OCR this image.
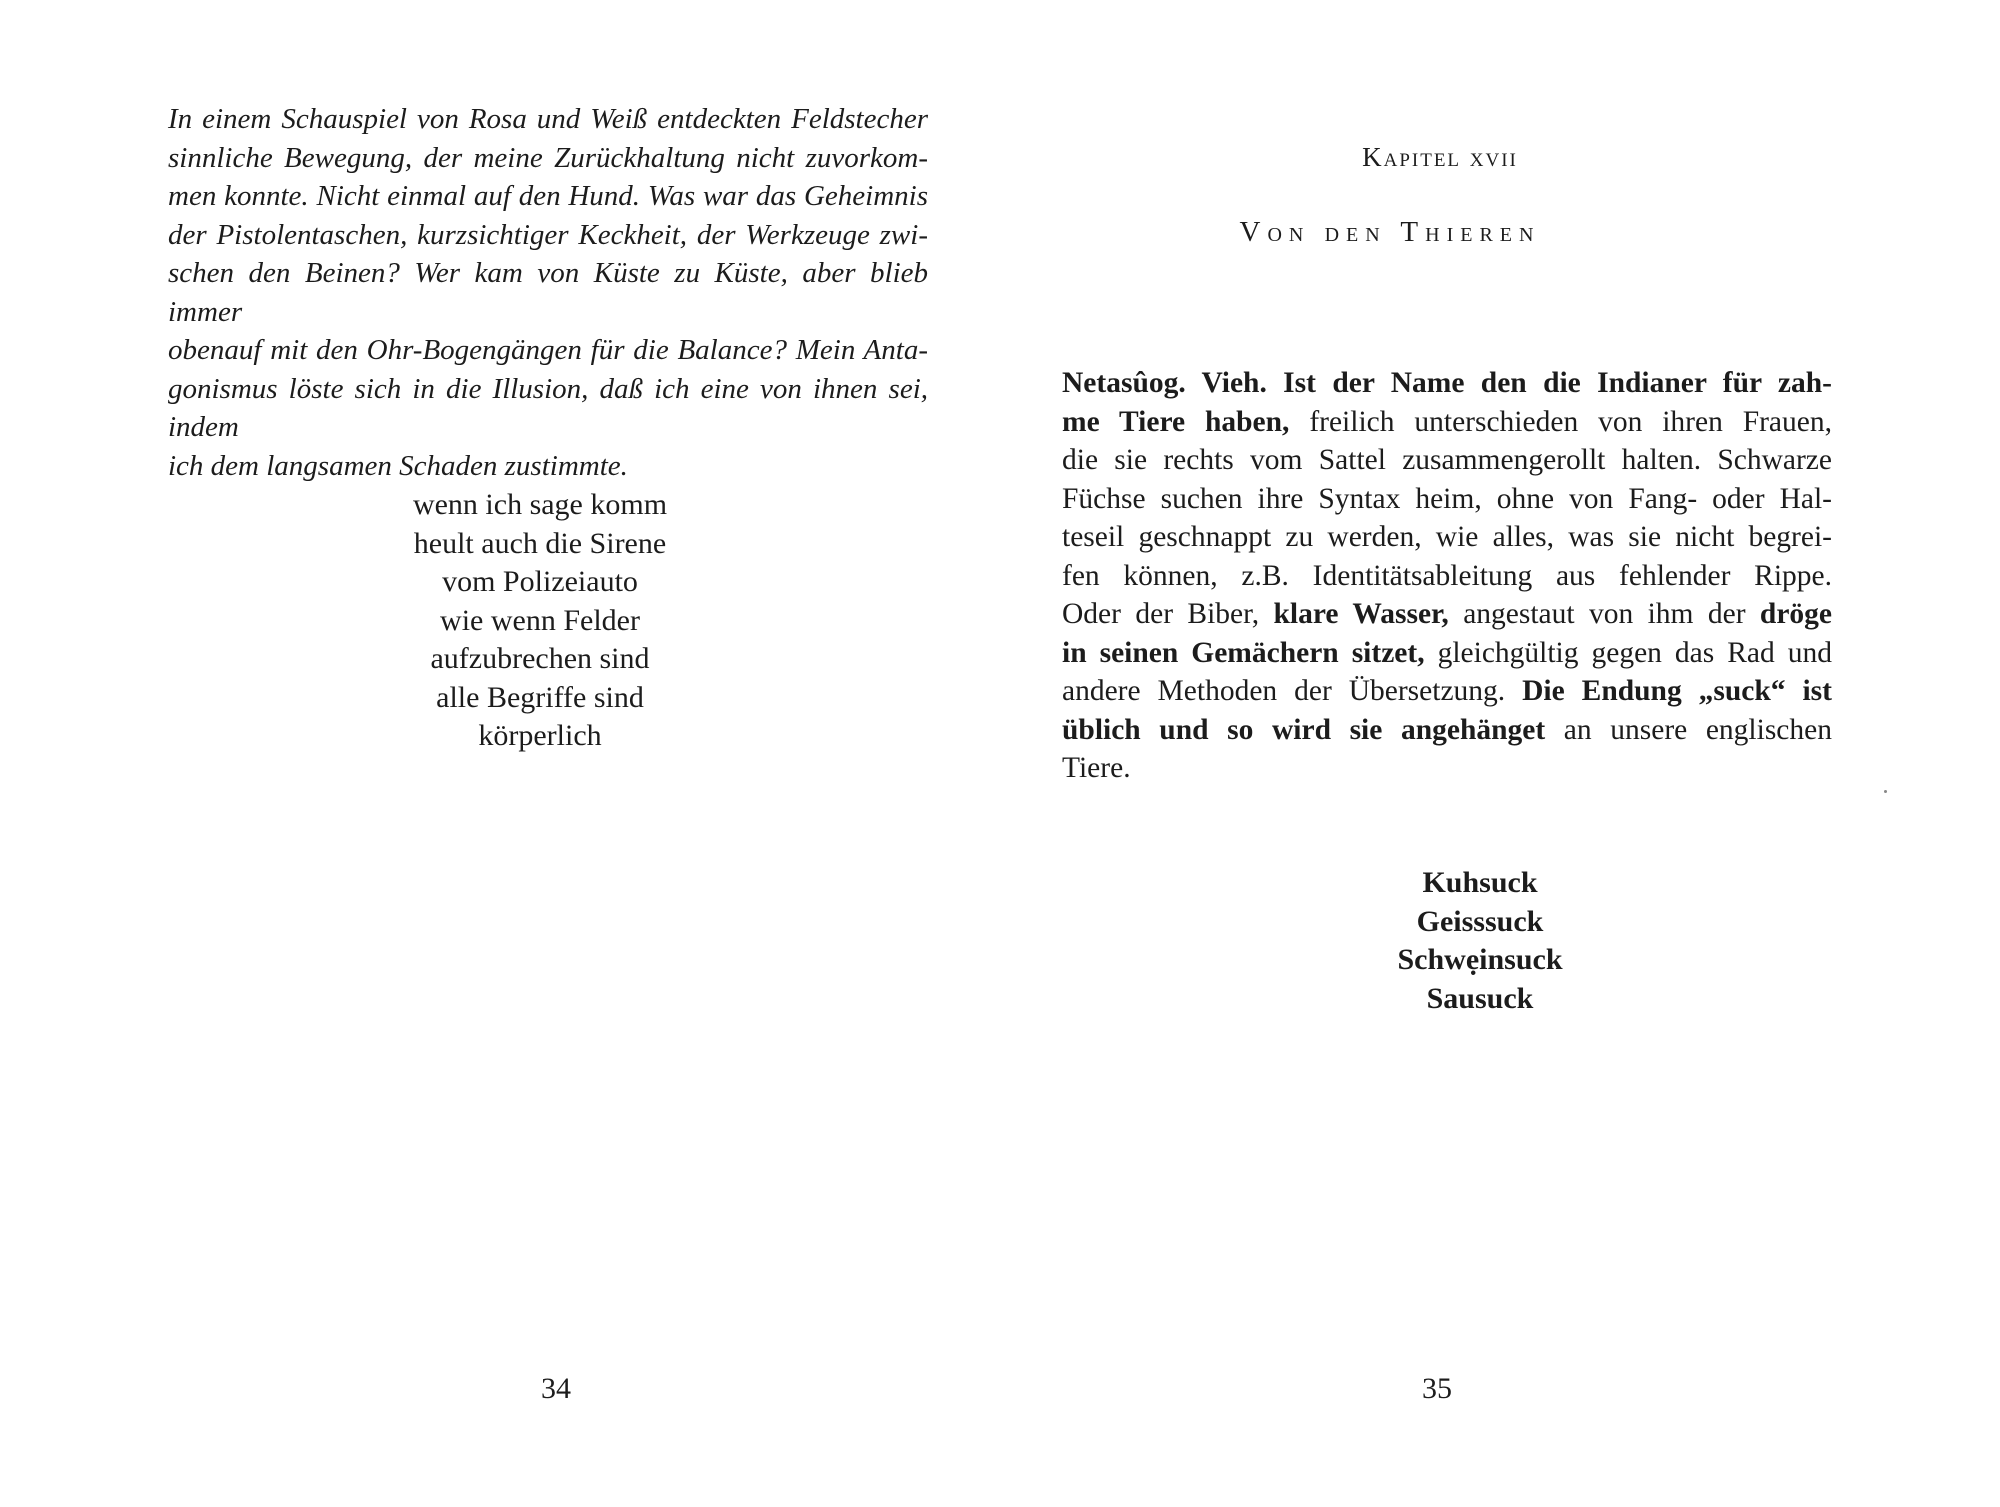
In einem Schauspiel von Rosa und Weiß entdeckten Feldstecher
sinnliche Bewegung, der meine Zurückhaltung nicht zuvorkom-
men konnte. Nicht einmal auf den Hund. Was war das Geheimnis
der Pistolentaschen, kurzsichtiger Keckheit, der Werkzeuge zwi-
schen den Beinen? Wer kam von Küste zu Küste, aber blieb immer
obenauf mit den Ohr-Bogengängen für die Balance? Mein Anta-
gonismus löste sich in die Illusion, daß ich eine von ihnen sei, indem
ich dem langsamen Schaden zustimmte.
wenn ich sage komm
heult auch die Sirene
vom Polizeiauto
wie wenn Felder
aufzubrechen sind
alle Begriffe sind
körperlich
34
Kapitel xvii
Von den Thieren
Netasûog. Vieh. Ist der Name den die Indianer für zah-
me Tiere haben, freilich unterschieden von ihren Frauen,
die sie rechts vom Sattel zusammengerollt halten. Schwarze
Füchse suchen ihre Syntax heim, ohne von Fang- oder Hal-
teseil geschnappt zu werden, wie alles, was sie nicht begrei-
fen können, z.B. Identitätsableitung aus fehlender Rippe.
Oder der Biber, klare Wasser, angestaut von ihm der dröge
in seinen Gemächern sitzet, gleichgültig gegen das Rad und
andere Methoden der Übersetzung. Die Endung „suck“ ist
üblich und so wird sie angehänget an unsere englischen
Tiere.
Kuhsuck
Geisssuck
Schwẹinsuck
Sausuck
35
